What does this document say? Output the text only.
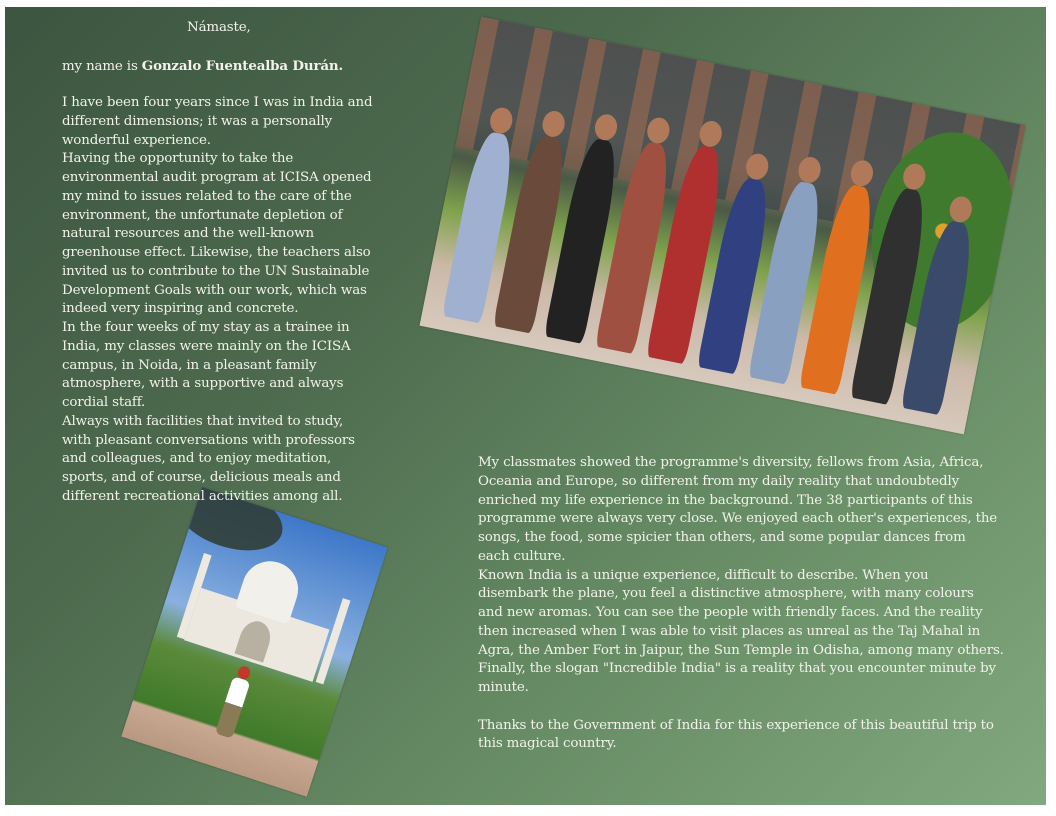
Námaste,
my name is Gonzalo Fuentealba Durán.
I have been four years since I was in India and
different dimensions; it was a personally
wonderful experience.
Having the opportunity to take the
environmental audit program at ICISA opened
my mind to issues related to the care of the
environment, the unfortunate depletion of
natural resources and the well-known
greenhouse effect. Likewise, the teachers also
invited us to contribute to the UN Sustainable
Development Goals with our work, which was
indeed very inspiring and concrete.
In the four weeks of my stay as a trainee in
India, my classes were mainly on the ICISA
campus, in Noida, in a pleasant family
atmosphere, with a supportive and always
cordial staff.
Always with facilities that invited to study,
with pleasant conversations with professors
and colleagues, and to enjoy meditation,
sports, and of course, delicious meals and
different recreational activities among all.
My classmates showed the programme's diversity, fellows from Asia, Africa,
Oceania and Europe, so different from my daily reality that undoubtedly
enriched my life experience in the background. The 38 participants of this
programme were always very close. We enjoyed each other's experiences, the
songs, the food, some spicier than others, and some popular dances from
each culture.
Known India is a unique experience, difficult to describe. When you
disembark the plane, you feel a distinctive atmosphere, with many colours
and new aromas. You can see the people with friendly faces. And the reality
then increased when I was able to visit places as unreal as the Taj Mahal in
Agra, the Amber Fort in Jaipur, the Sun Temple in Odisha, among many others.
Finally, the slogan "Incredible India" is a reality that you encounter minute by
minute.
Thanks to the Government of India for this experience of this beautiful trip to
this magical country.
